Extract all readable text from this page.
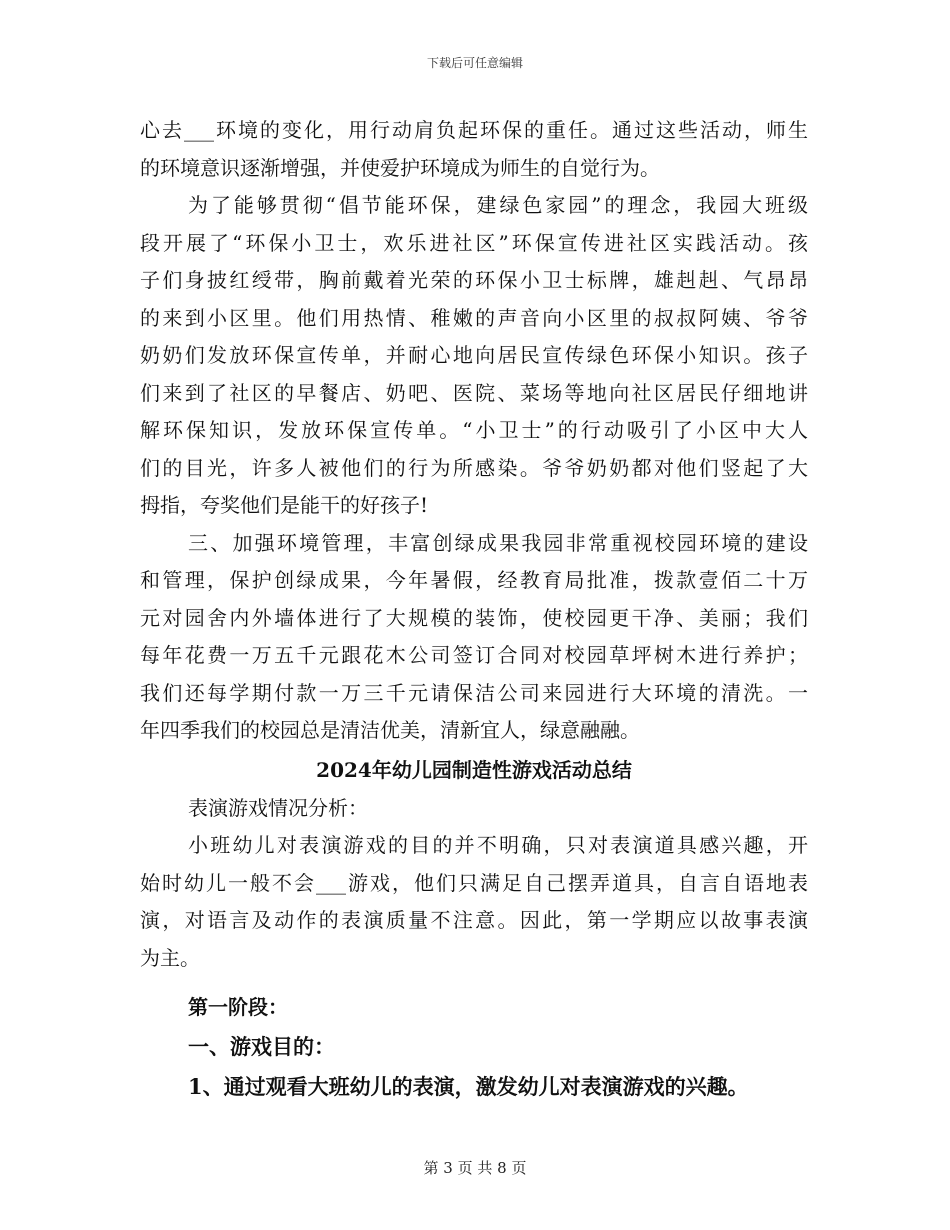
下载后可任意编辑
心去___环境的变化，用行动肩负起环保的重任。通过这些活动，师生
的环境意识逐渐增强，并使爱护环境成为师生的自觉行为。
为了能够贯彻“倡节能环保，建绿色家园”的理念，我园大班级
段开展了“环保小卫士，欢乐进社区”环保宣传进社区实践活动。孩
子们身披红绶带，胸前戴着光荣的环保小卫士标牌，雄赳赳、气昂昂
的来到小区里。他们用热情、稚嫩的声音向小区里的叔叔阿姨、爷爷
奶奶们发放环保宣传单，并耐心地向居民宣传绿色环保小知识。孩子
们来到了社区的早餐店、奶吧、医院、菜场等地向社区居民仔细地讲
解环保知识，发放环保宣传单。“小卫士”的行动吸引了小区中大人
们的目光，许多人被他们的行为所感染。爷爷奶奶都对他们竖起了大
拇指，夸奖他们是能干的好孩子!
三、加强环境管理，丰富创绿成果我园非常重视校园环境的建设
和管理，保护创绿成果，今年暑假，经教育局批准，拨款壹佰二十万
元对园舍内外墙体进行了大规模的装饰，使校园更干净、美丽；我们
每年花费一万五千元跟花木公司签订合同对校园草坪树木进行养护；
我们还每学期付款一万三千元请保洁公司来园进行大环境的清洗。一
年四季我们的校园总是清洁优美，清新宜人，绿意融融。
2024年幼儿园制造性游戏活动总结
表演游戏情况分析：
小班幼儿对表演游戏的目的并不明确，只对表演道具感兴趣，开
始时幼儿一般不会___游戏，他们只满足自己摆弄道具，自言自语地表
演，对语言及动作的表演质量不注意。因此，第一学期应以故事表演
为主。
第一阶段：
一、游戏目的：
1、通过观看大班幼儿的表演，激发幼儿对表演游戏的兴趣。
第 3 页 共 8 页
